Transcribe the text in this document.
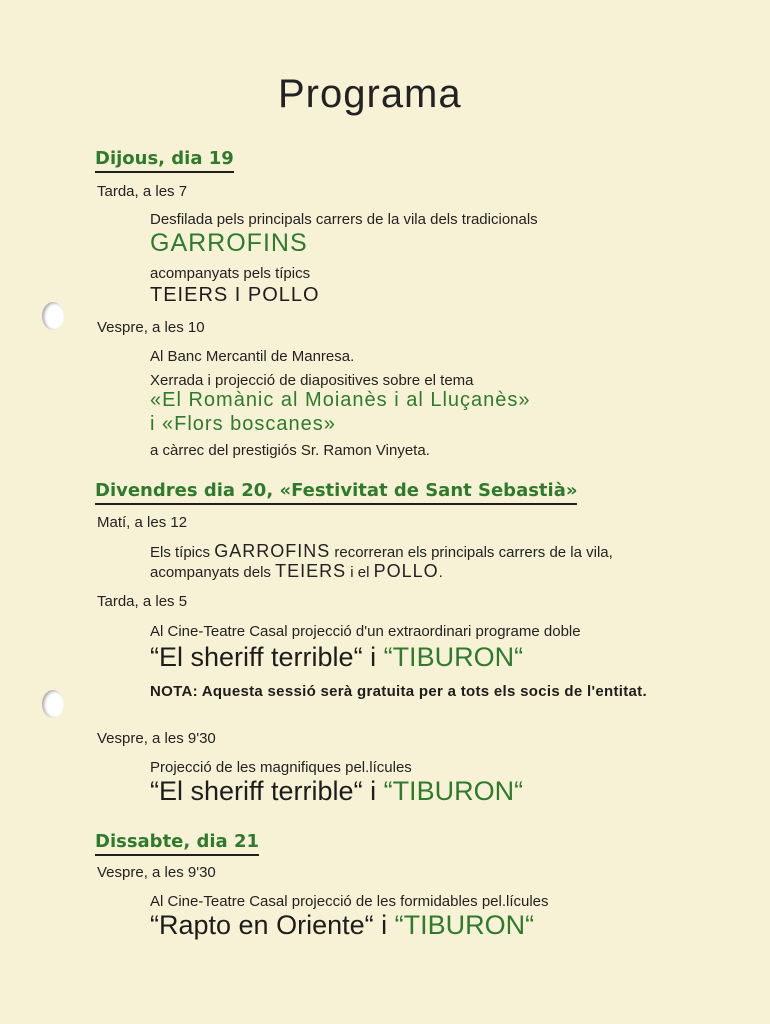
Programa
Dijous, dia 19
Tarda, a les 7
Desfilada pels principals carrers de la vila dels tradicionals
GARROFINS
acompanyats pels típics
TEIERS I POLLO
Vespre, a les 10
Al Banc Mercantil de Manresa.
Xerrada i projecció de diapositives sobre el tema
«El Romànic al Moianès i al Lluçanès»
i «Flors boscanes»
a càrrec del prestigiós Sr. Ramon Vinyeta.
Divendres dia 20, «Festivitat de Sant Sebastià»
Matí, a les 12
Els típics GARROFINS recorreran els principals carrers de la vila, acompanyats dels TEIERS i el POLLO.
Tarda, a les 5
Al Cine-Teatre Casal projecció d'un extraordinari programe doble
“El sheriff terrible“ i “TIBURON“
NOTA: Aquesta sessió serà gratuita per a tots els socis de l'entitat.
Vespre, a les 9'30
Projecció de les magnifiques pel.lícules
“El sheriff terrible“ i “TIBURON“
Dissabte, dia 21
Vespre, a les 9'30
Al Cine-Teatre Casal projecció de les formidables pel.lícules
“Rapto en Oriente“ i “TIBURON“
